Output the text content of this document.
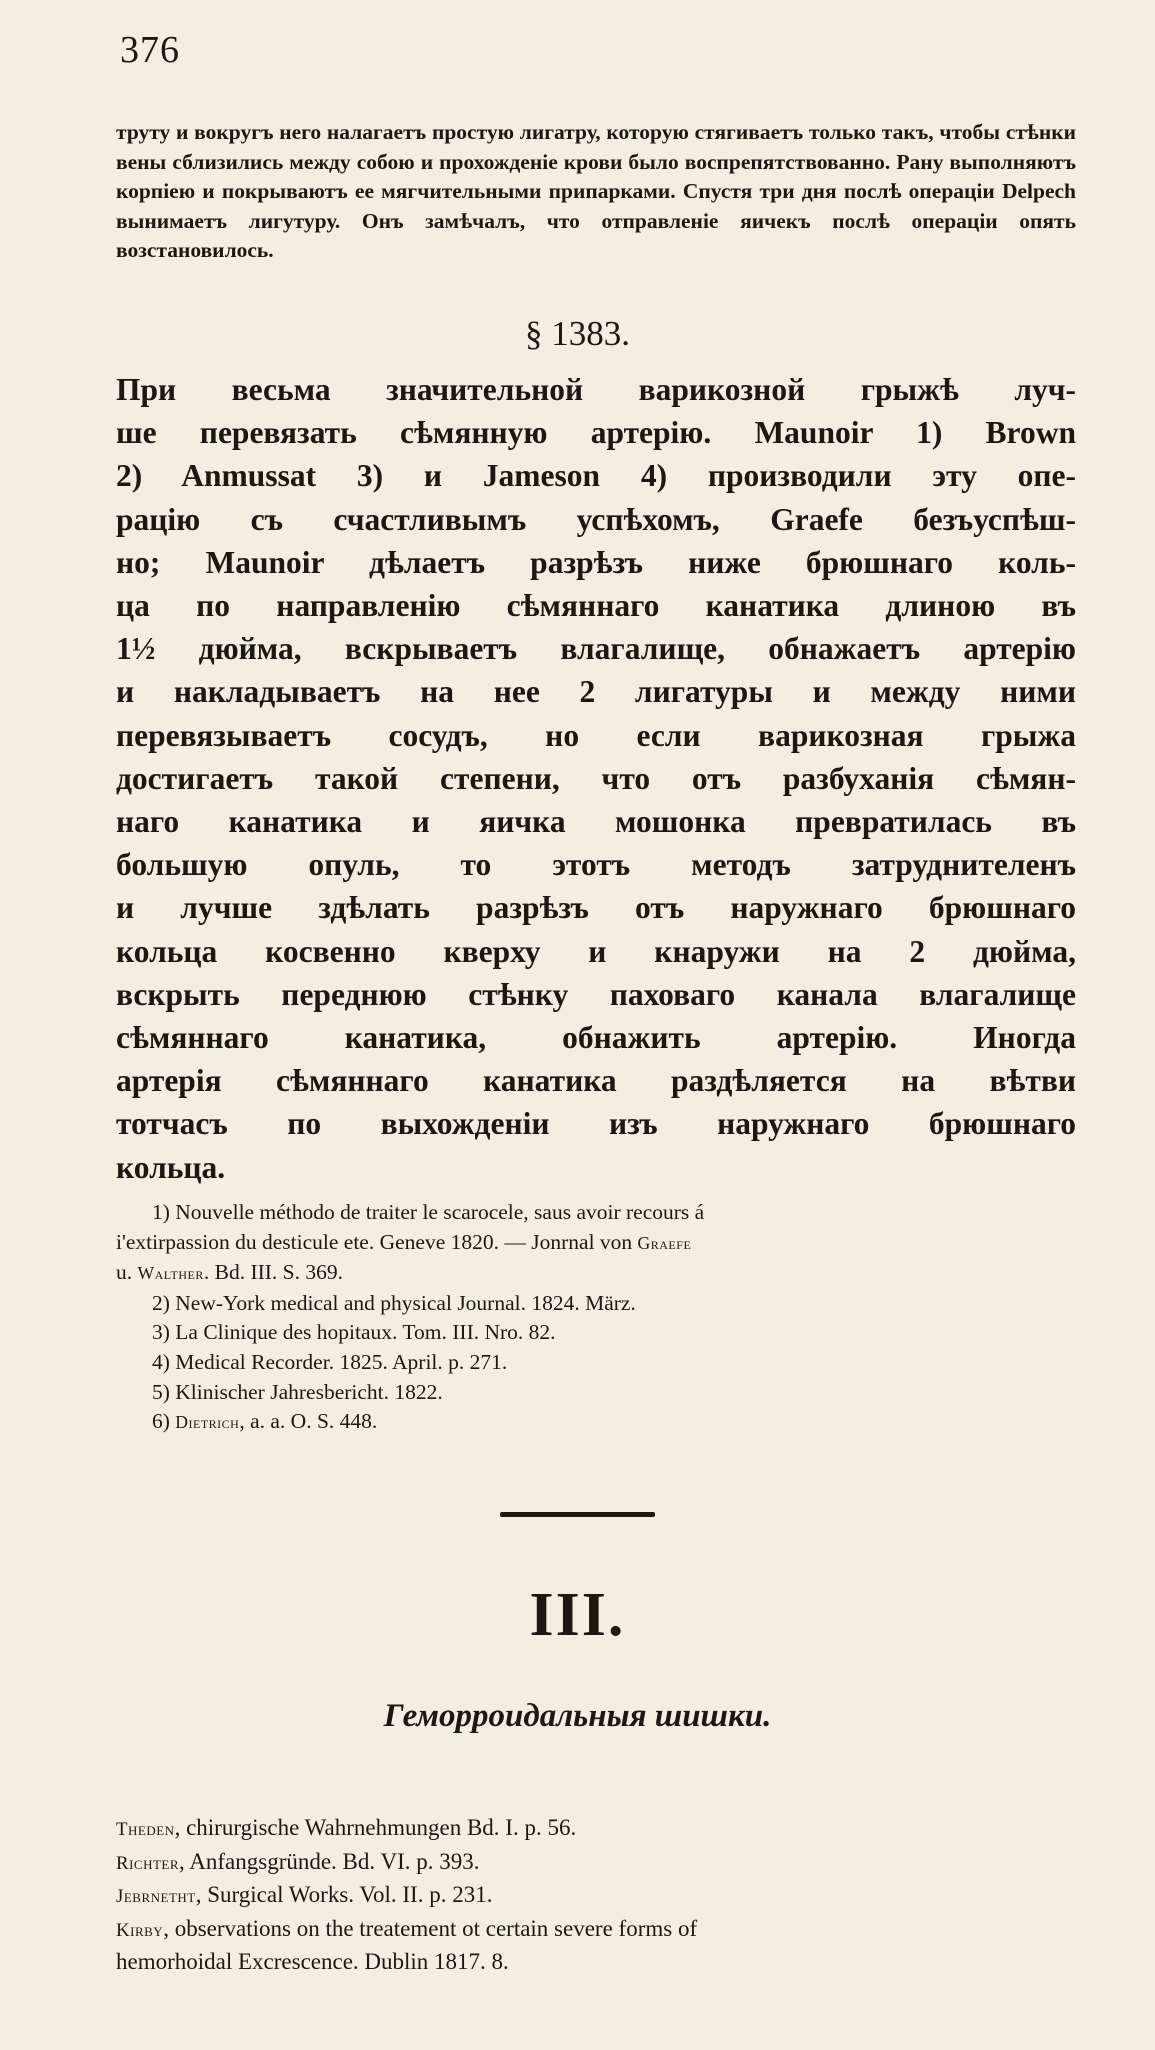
376

труту и вокругъ него налагаетъ простую лигатру, которую стягиваетъ только такъ, чтобы стѣнки вены сблизились между собою и прохожденіе крови было воспрепятствованно. Рану выполняютъ корпіею и покрываютъ ее мягчительными припарками. Спустя три дня послѣ операціи Delpech вынимаетъ лигутуру. Онъ замѣчалъ, что отправленіе яичекъ послѣ операціи опять возстановилось.

§ 1383.

При весьма значительной варикозной грыжѣ луч-
ше перевязать сѣмянную артерію. Maunoir 1) Brown
2) Anmussat 3) и Jameson 4) производили эту опе-
рацію съ счастливымъ успѣхомъ, Graefe безъуспѣш-
но; Maunoir дѣлаетъ разрѣзъ ниже брюшнаго коль-
ца по направленію сѣмяннаго канатика длиною въ
1½ дюйма, вскрываетъ влагалище, обнажаетъ артерію
и накладываетъ на нее 2 лигатуры и между ними
перевязываетъ сосудъ, но если варикозная грыжа
достигаетъ такой степени, что отъ разбуханія сѣмян-
наго канатика и яичка мошонка превратилась въ
большую опуль, то этотъ методъ затруднителенъ
и лучше здѣлать разрѣзъ отъ наружнаго брюшнаго
кольца косвенно кверху и кнаружи на 2 дюйма,
вскрыть переднюю стѣнку паховаго канала влагалище
сѣмяннаго канатика, обнажить артерію. Иногда
артерія сѣмяннаго канатика раздѣляется на вѣтви
тотчасъ по выхожденіи изъ наружнаго брюшнаго
кольца.

1) Nouvelle méthodo de traiter le scarocele, saus avoir recours á
i'extirpassion du desticule ete. Geneve 1820. — Jonrnal von Graefe
u. Walther. Bd. III. S. 369.
2) New-York medical and physical Journal. 1824. März.
3) La Clinique des hopitaux. Tom. III. Nro. 82.
4) Medical Recorder. 1825. April. p. 271.
5) Klinischer Jahresbericht. 1822.
6) Dietrich, a. a. O. S. 448.
III.
Геморроидальныя шишки.
Theden, chirurgische Wahrnehmungen Bd. I. p. 56.
Richter, Anfangsgründe. Bd. VI. p. 393.
Jebrnetht, Surgical Works. Vol. II. p. 231.
Kirby, observations on the treatement ot certain severe forms of
hemorhoidal Excrescence. Dublin 1817. 8.
